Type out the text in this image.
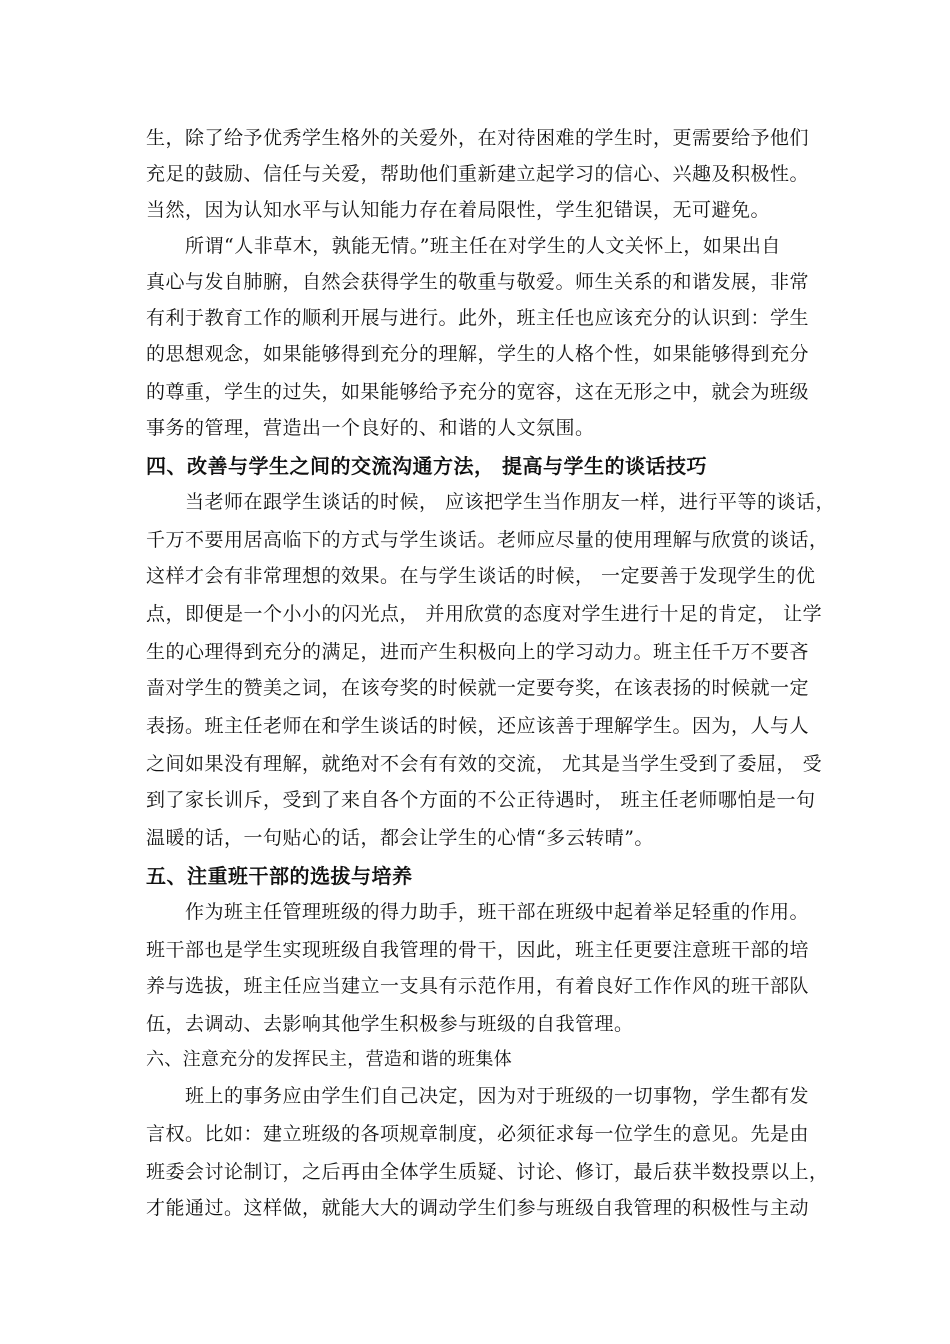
生，除了给予优秀学生格外的关爱外，在对待困难的学生时，更需要给予他们
充足的鼓励、信任与关爱，帮助他们重新建立起学习的信心、兴趣及积极性。
当然，因为认知水平与认知能力存在着局限性，学生犯错误，无可避免。
　　所谓“人非草木，孰能无情。”班主任在对学生的人文关怀上，如果出自
真心与发自肺腑，自然会获得学生的敬重与敬爱。师生关系的和谐发展，非常
有利于教育工作的顺利开展与进行。此外，班主任也应该充分的认识到：学生
的思想观念，如果能够得到充分的理解，学生的人格个性，如果能够得到充分
的尊重，学生的过失，如果能够给予充分的宽容，这在无形之中，就会为班级
事务的管理，营造出一个良好的、和谐的人文氛围。
四、改善与学生之间的交流沟通方法， 提高与学生的谈话技巧
　　当老师在跟学生谈话的时候， 应该把学生当作朋友一样，进行平等的谈话，
千万不要用居高临下的方式与学生谈话。老师应尽量的使用理解与欣赏的谈话，
这样才会有非常理想的效果。在与学生谈话的时候， 一定要善于发现学生的优
点，即便是一个小小的闪光点， 并用欣赏的态度对学生进行十足的肯定， 让学
生的心理得到充分的满足，进而产生积极向上的学习动力。班主任千万不要吝
啬对学生的赞美之词，在该夸奖的时候就一定要夸奖，在该表扬的时候就一定
表扬。班主任老师在和学生谈话的时候，还应该善于理解学生。因为，人与人
之间如果没有理解，就绝对不会有有效的交流， 尤其是当学生受到了委屈， 受
到了家长训斥，受到了来自各个方面的不公正待遇时， 班主任老师哪怕是一句
温暖的话，一句贴心的话，都会让学生的心情“多云转晴”。
五、注重班干部的选拔与培养
　　作为班主任管理班级的得力助手，班干部在班级中起着举足轻重的作用。
班干部也是学生实现班级自我管理的骨干，因此，班主任更要注意班干部的培
养与选拔，班主任应当建立一支具有示范作用，有着良好工作作风的班干部队
伍，去调动、去影响其他学生积极参与班级的自我管理。
六、注意充分的发挥民主，营造和谐的班集体
　　班上的事务应由学生们自己决定，因为对于班级的一切事物，学生都有发
言权。比如：建立班级的各项规章制度，必须征求每一位学生的意见。先是由
班委会讨论制订，之后再由全体学生质疑、讨论、修订，最后获半数投票以上，
才能通过。这样做，就能大大的调动学生们参与班级自我管理的积极性与主动
